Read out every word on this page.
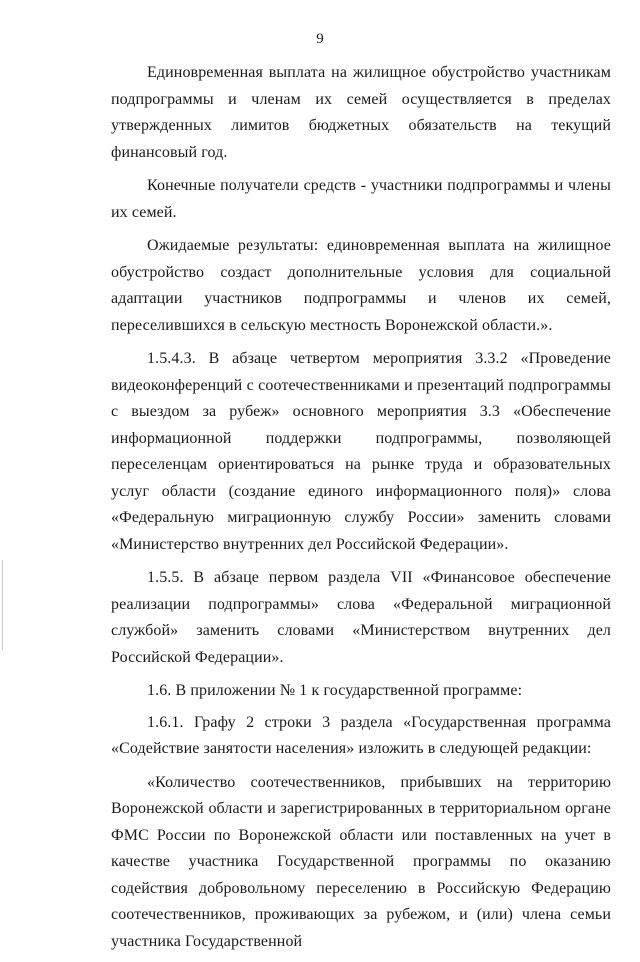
9

Единовременная выплата на жилищное обустройство участникам подпрограммы и членам их семей осуществляется в пределах утвержденных лимитов бюджетных обязательств на текущий финансовый год.

Конечные получатели средств - участники подпрограммы и члены их семей.

Ожидаемые результаты: единовременная выплата на жилищное обустройство создаст дополнительные условия для социальной адаптации участников подпрограммы и членов их семей, переселившихся в сельскую местность Воронежской области.».

1.5.4.3. В абзаце четвертом мероприятия 3.3.2 «Проведение видеоконференций с соотечественниками и презентаций подпрограммы с выездом за рубеж» основного мероприятия 3.3 «Обеспечение информационной поддержки подпрограммы, позволяющей переселенцам ориентироваться на рынке труда и образовательных услуг области (создание единого информационного поля)» слова «Федеральную миграционную службу России» заменить словами «Министерство внутренних дел Российской Федерации».

1.5.5. В абзаце первом раздела VII «Финансовое обеспечение реализации подпрограммы» слова «Федеральной миграционной службой» заменить словами «Министерством внутренних дел Российской Федерации».

1.6. В приложении № 1 к государственной программе:

1.6.1. Графу 2 строки 3 раздела «Государственная программа «Содействие занятости населения» изложить в следующей редакции:

«Количество соотечественников, прибывших на территорию Воронежской области и зарегистрированных в территориальном органе ФМС России по Воронежской области или поставленных на учет в качестве участника Государственной программы по оказанию содействия добровольному переселению в Российскую Федерацию соотечественников, проживающих за рубежом, и (или) члена семьи участника Государственной
